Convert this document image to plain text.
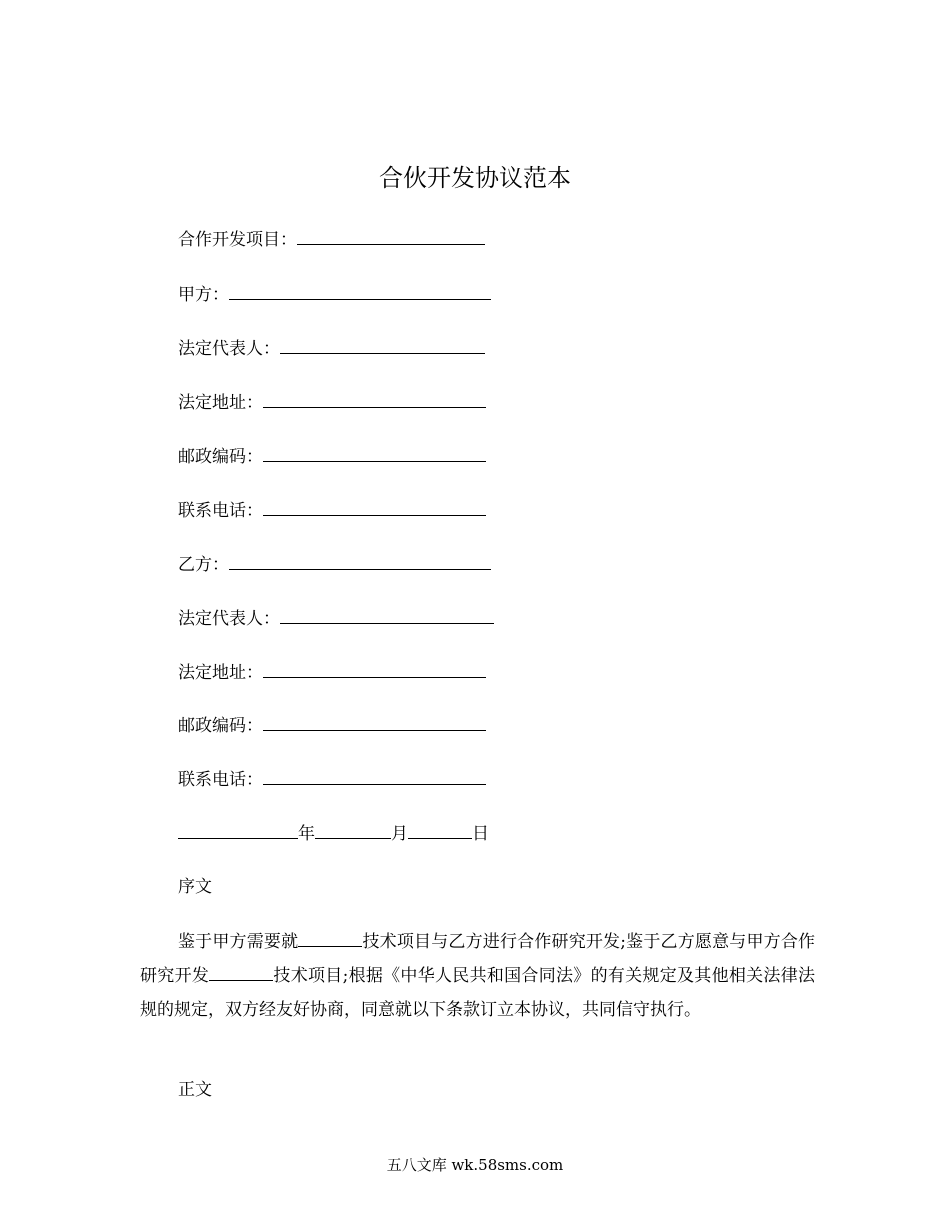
合伙开发协议范本
合作开发项目：
甲方：
法定代表人：
法定地址：
邮政编码：
联系电话：
乙方：
法定代表人：
法定地址：
邮政编码：
联系电话：
年	月	日
序文
鉴于甲方需要就	技术项目与乙方进行合作研究开发;鉴于乙方愿意与甲方合作研究开发	技术项目;根据《中华人民共和国合同法》的有关规定及其他相关法律法规的规定，双方经友好协商，同意就以下条款订立本协议，共同信守执行。
正文
五八文库 wk.58sms.com
